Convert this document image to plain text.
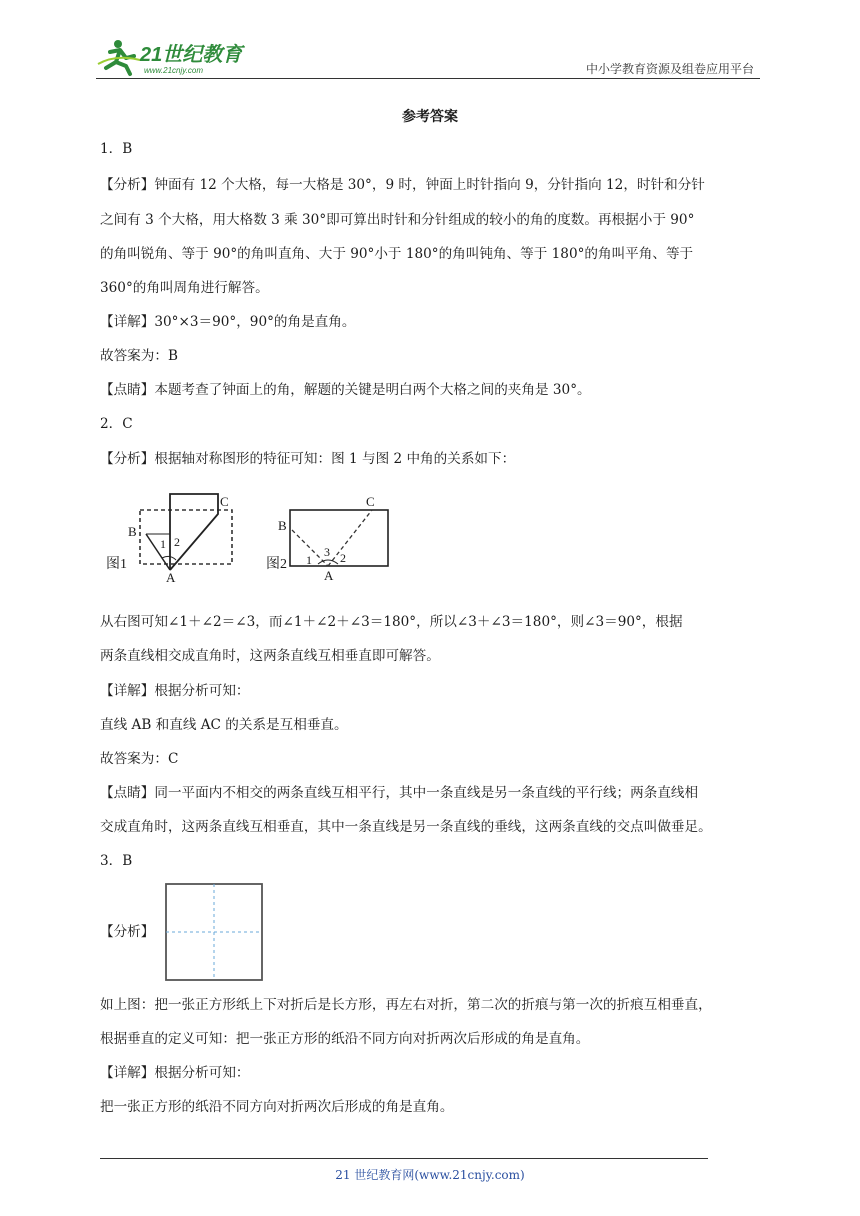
21世纪教育
www.21cnjy.com	中小学教育资源及组卷应用平台
参考答案
1．B
【分析】钟面有 12 个大格，每一大格是 30°，9 时，钟面上时针指向 9，分针指向 12，时针和分针
之间有 3 个大格，用大格数 3 乘 30°即可算出时针和分针组成的较小的角的度数。再根据小于 90°
的角叫锐角、等于 90°的角叫直角、大于 90°小于 180°的角叫钝角、等于 180°的角叫平角、等于
360°的角叫周角进行解答。
【详解】30°×3＝90°，90°的角是直角。
故答案为：B
【点睛】本题考查了钟面上的角，解题的关键是明白两个大格之间的夹角是 30°。
2．C
【分析】根据轴对称图形的特征可知：图 1 与图 2 中角的关系如下：
C
B
A
1 2
图1
C
B
A
1
3 2
图2
从右图可知∠1＋∠2＝∠3，而∠1＋∠2＋∠3＝180°，所以∠3＋∠3＝180°，则∠3＝90°，根据
两条直线相交成直角时，这两条直线互相垂直即可解答。
【详解】根据分析可知：
直线 AB 和直线 AC 的关系是互相垂直。
故答案为：C
【点睛】同一平面内不相交的两条直线互相平行，其中一条直线是另一条直线的平行线；两条直线相
交成直角时，这两条直线互相垂直，其中一条直线是另一条直线的垂线，这两条直线的交点叫做垂足。
3．B
【分析】
如上图：把一张正方形纸上下对折后是长方形，再左右对折，第二次的折痕与第一次的折痕互相垂直，
根据垂直的定义可知：把一张正方形的纸沿不同方向对折两次后形成的角是直角。
【详解】根据分析可知：
把一张正方形的纸沿不同方向对折两次后形成的角是直角。
21 世纪教育网(www.21cnjy.com)
